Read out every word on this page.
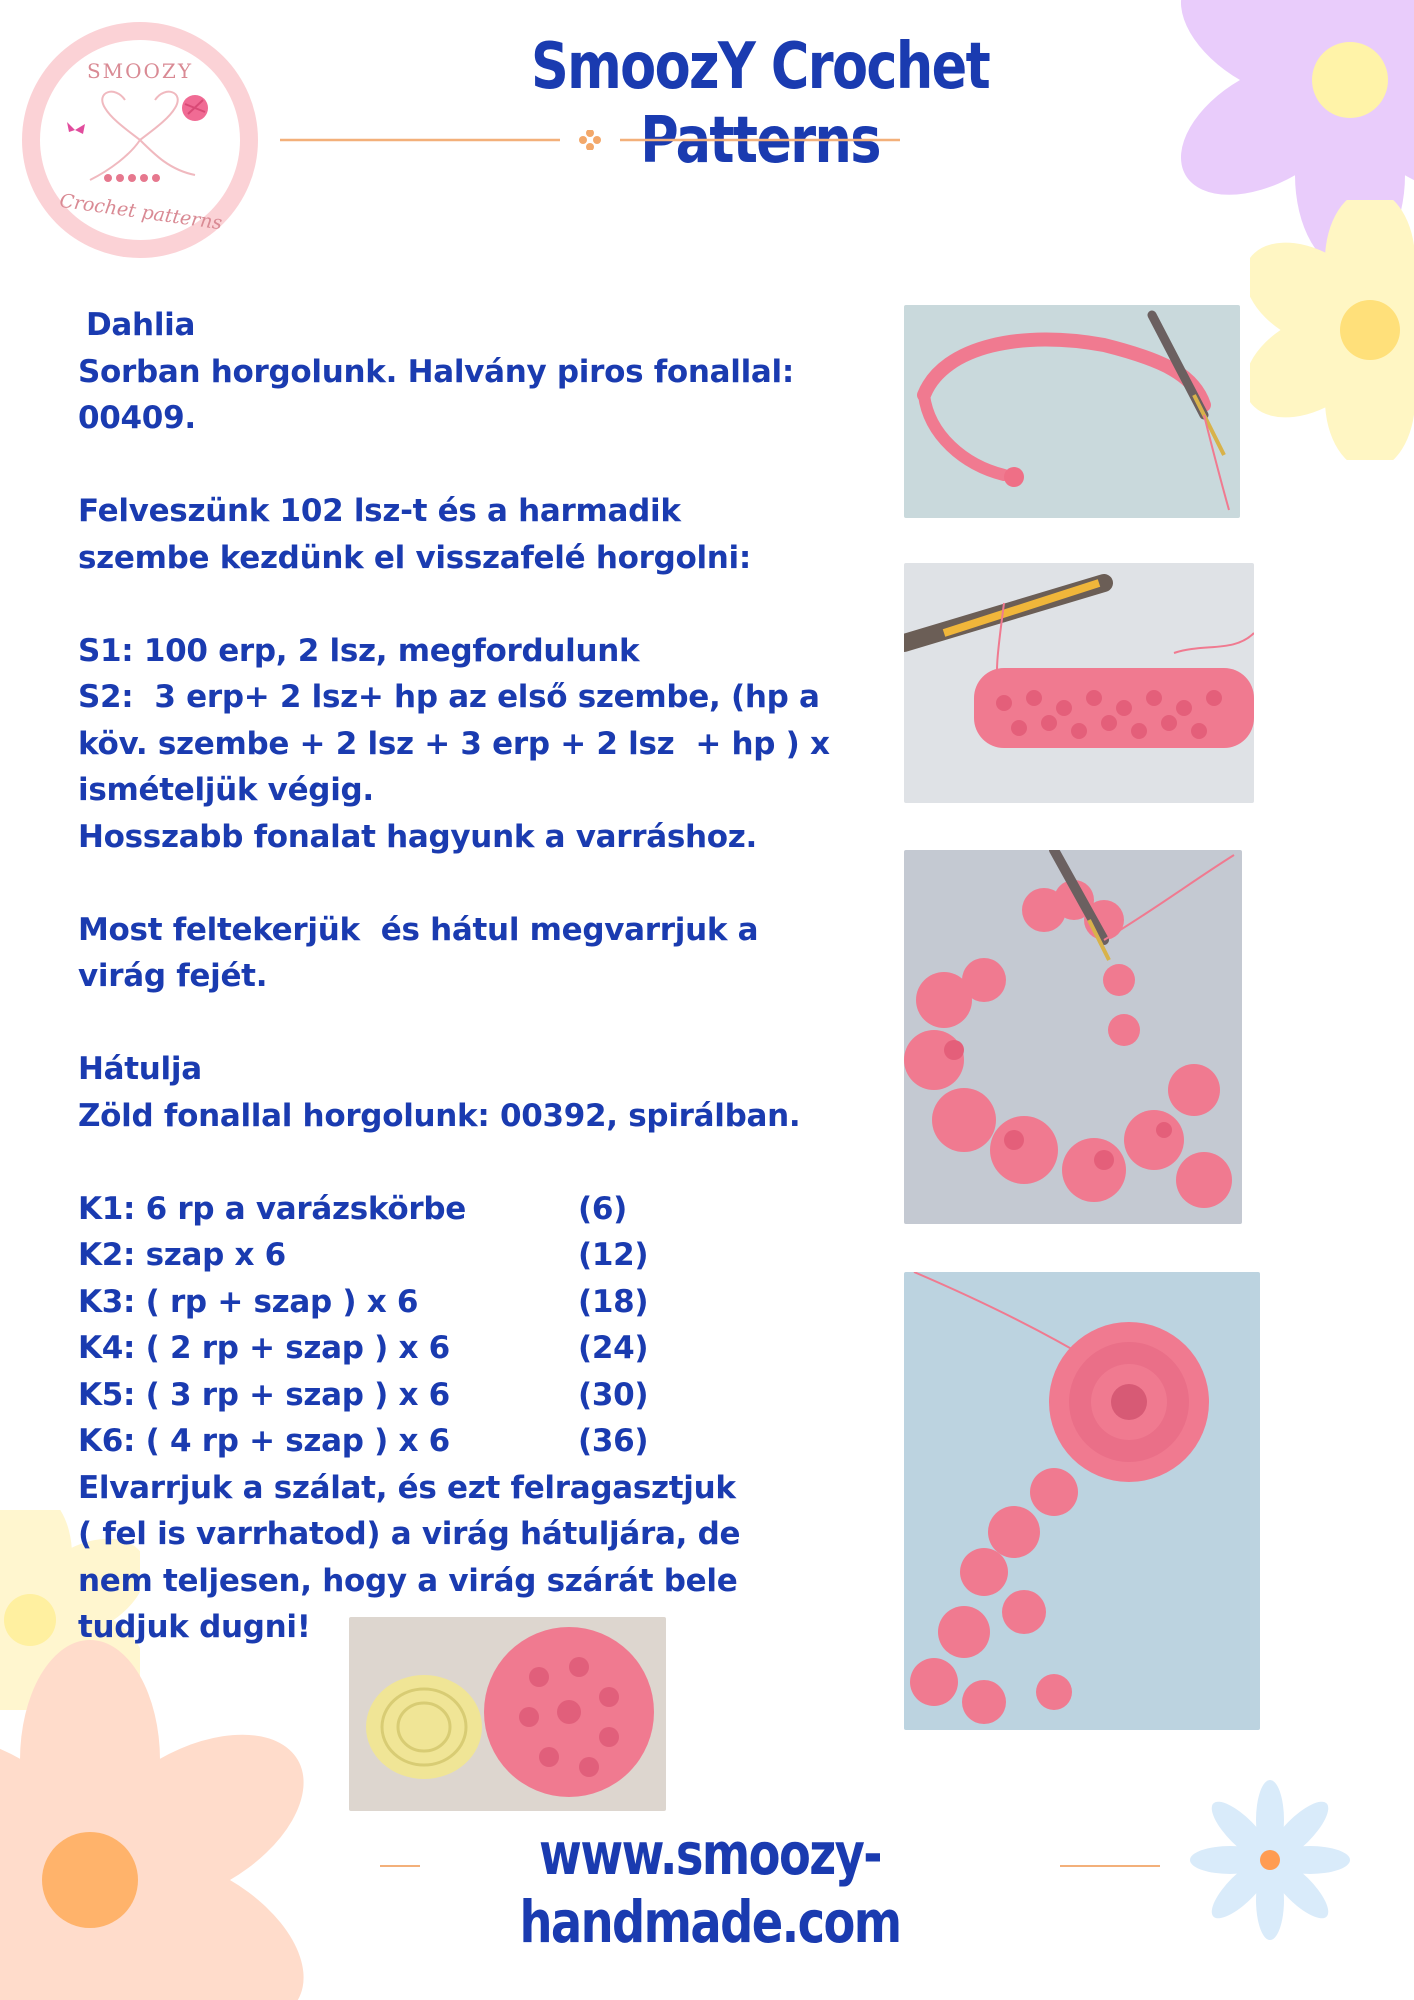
SMOOZY
Crochet patterns
SmoozY Crochet Patterns
Dahlia
Sorban horgolunk. Halvány piros fonallal:
00409.

Felveszünk 102 lsz-t és a harmadik
szembe kezdünk el visszafelé horgolni:

S1: 100 erp, 2 lsz, megfordulunk
S2:  3 erp+ 2 lsz+ hp az első szembe, (hp a
köv. szembe + 2 lsz + 3 erp + 2 lsz  + hp ) x
ismételjük végig.
Hosszabb fonalat hagyunk a varráshoz.

Most feltekerjük  és hátul megvarrjuk a
virág fejét.

Hátulja
Zöld fonallal horgolunk: 00392, spirálban.

K1: 6 rp a varázskörbe	(6)
K2: szap x 6	(12)
K3: ( rp + szap ) x 6	(18)
K4: ( 2 rp + szap ) x 6	(24)
K5: ( 3 rp + szap ) x 6	(30)
K6: ( 4 rp + szap ) x 6	(36)
Elvarrjuk a szálat, és ezt felragasztjuk
( fel is varrhatod) a virág hátuljára, de
nem teljesen, hogy a virág szárát bele
tudjuk dugni!
www.smoozy-handmade.com
